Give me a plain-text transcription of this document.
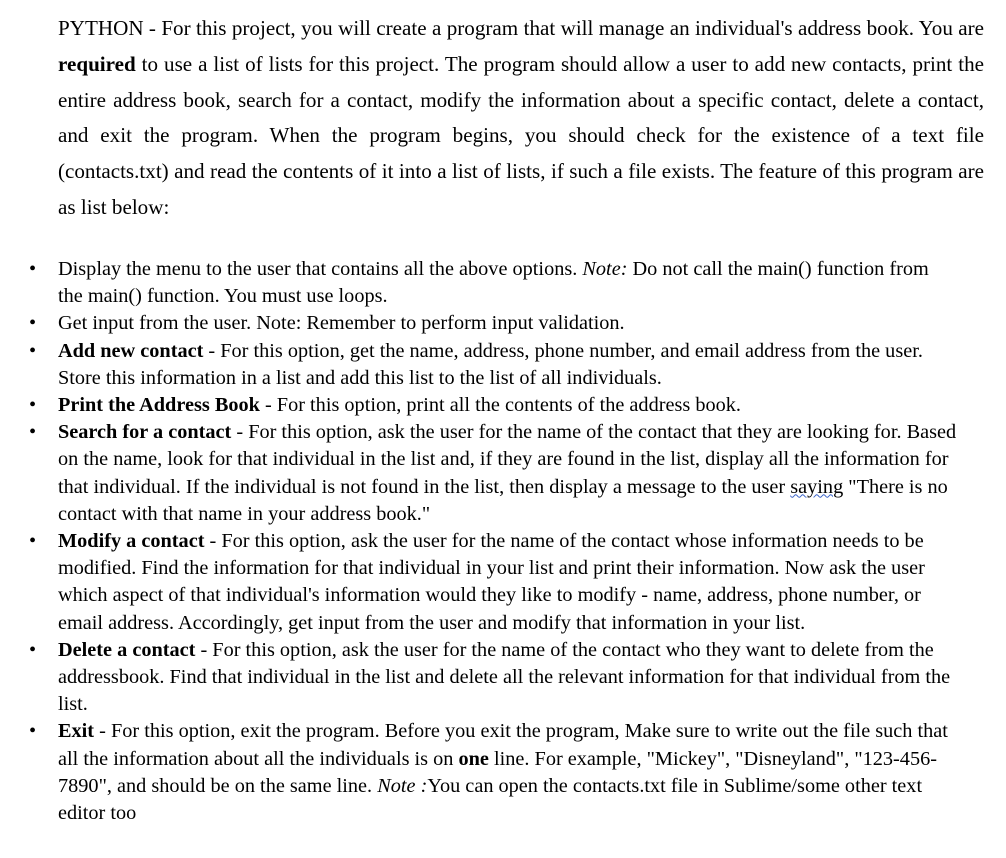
PYTHON - For this project, you will create a program that will manage an individual's address book. You are required to use a list of lists for this project. The program should allow a user to add new contacts, print the entire address book, search for a contact, modify the information about a specific contact, delete a contact, and exit the program. When the program begins, you should check for the existence of a text file (contacts.txt) and read the contents of it into a list of lists, if such a file exists. The feature of this program are as list below:

• Display the menu to the user that contains all the above options. Note: Do not call the main() function from the main() function. You must use loops.
• Get input from the user. Note: Remember to perform input validation.
• Add new contact - For this option, get the name, address, phone number, and email address from the user. Store this information in a list and add this list to the list of all individuals.
• Print the Address Book - For this option, print all the contents of the address book.
• Search for a contact - For this option, ask the user for the name of the contact that they are looking for. Based on the name, look for that individual in the list and, if they are found in the list, display all the information for that individual. If the individual is not found in the list, then display a message to the user saying "There is no contact with that name in your address book."
• Modify a contact - For this option, ask the user for the name of the contact whose information needs to be modified. Find the information for that individual in your list and print their information. Now ask the user which aspect of that individual's information would they like to modify - name, address, phone number, or email address. Accordingly, get input from the user and modify that information in your list.
• Delete a contact - For this option, ask the user for the name of the contact who they want to delete from the addressbook. Find that individual in the list and delete all the relevant information for that individual from the list.
• Exit - For this option, exit the program. Before you exit the program, Make sure to write out the file such that all the information about all the individuals is on one line. For example, "Mickey", "Disneyland", "123-456-7890", and should be on the same line. Note :You can open the contacts.txt file in Sublime/some other text editor too
